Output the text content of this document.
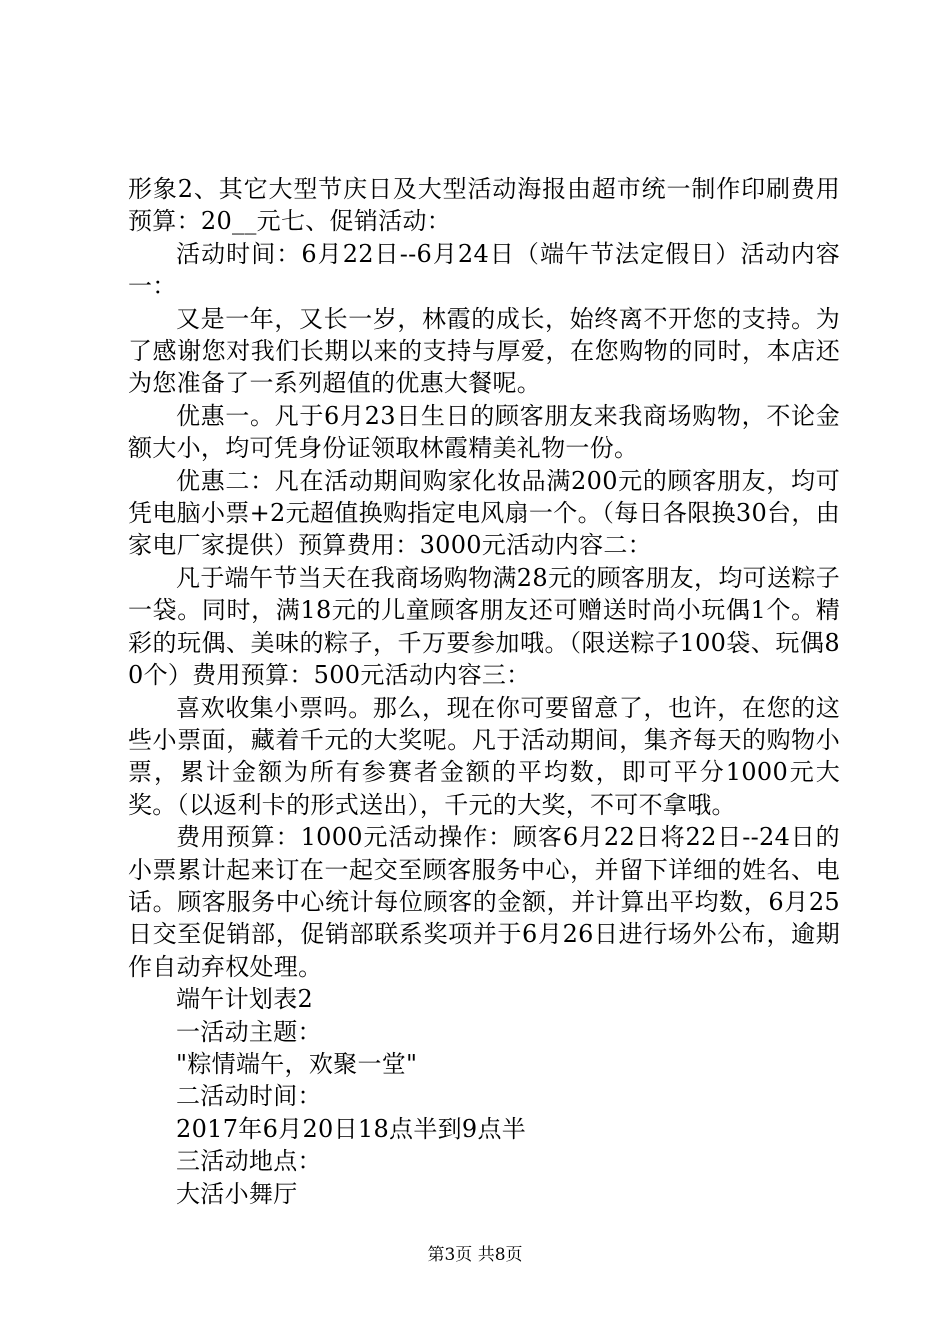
形象2、其它大型节庆日及大型活动海报由超市统一制作印刷费用预算：20__元七、促销活动：

活动时间：6月22日--6月24日（端午节法定假日）活动内容一：

又是一年，又长一岁，林霞的成长，始终离不开您的支持。为了感谢您对我们长期以来的支持与厚爱，在您购物的同时，本店还为您准备了一系列超值的优惠大餐呢。

优惠一。凡于6月23日生日的顾客朋友来我商场购物，不论金额大小，均可凭身份证领取林霞精美礼物一份。

优惠二：凡在活动期间购家化妆品满200元的顾客朋友，均可凭电脑小票+2元超值换购指定电风扇一个。（每日各限换30台，由家电厂家提供）预算费用：3000元活动内容二：

凡于端午节当天在我商场购物满28元的顾客朋友，均可送粽子一袋。同时，满18元的儿童顾客朋友还可赠送时尚小玩偶1个。精彩的玩偶、美味的粽子，千万要参加哦。（限送粽子100袋、玩偶80个）费用预算：500元活动内容三：

喜欢收集小票吗。那么，现在你可要留意了，也许，在您的这些小票面，藏着千元的大奖呢。凡于活动期间，集齐每天的购物小票，累计金额为所有参赛者金额的平均数，即可平分1000元大奖。（以返利卡的形式送出），千元的大奖，不可不拿哦。

费用预算：1000元活动操作：顾客6月22日将22日--24日的小票累计起来订在一起交至顾客服务中心，并留下详细的姓名、电话。顾客服务中心统计每位顾客的金额，并计算出平均数，6月25日交至促销部，促销部联系奖项并于6月26日进行场外公布，逾期作自动弃权处理。

端午计划表2

一活动主题：

"粽情端午，欢聚一堂"

二活动时间：

2017年6月20日18点半到9点半

三活动地点：

大活小舞厅

第3页 共8页
